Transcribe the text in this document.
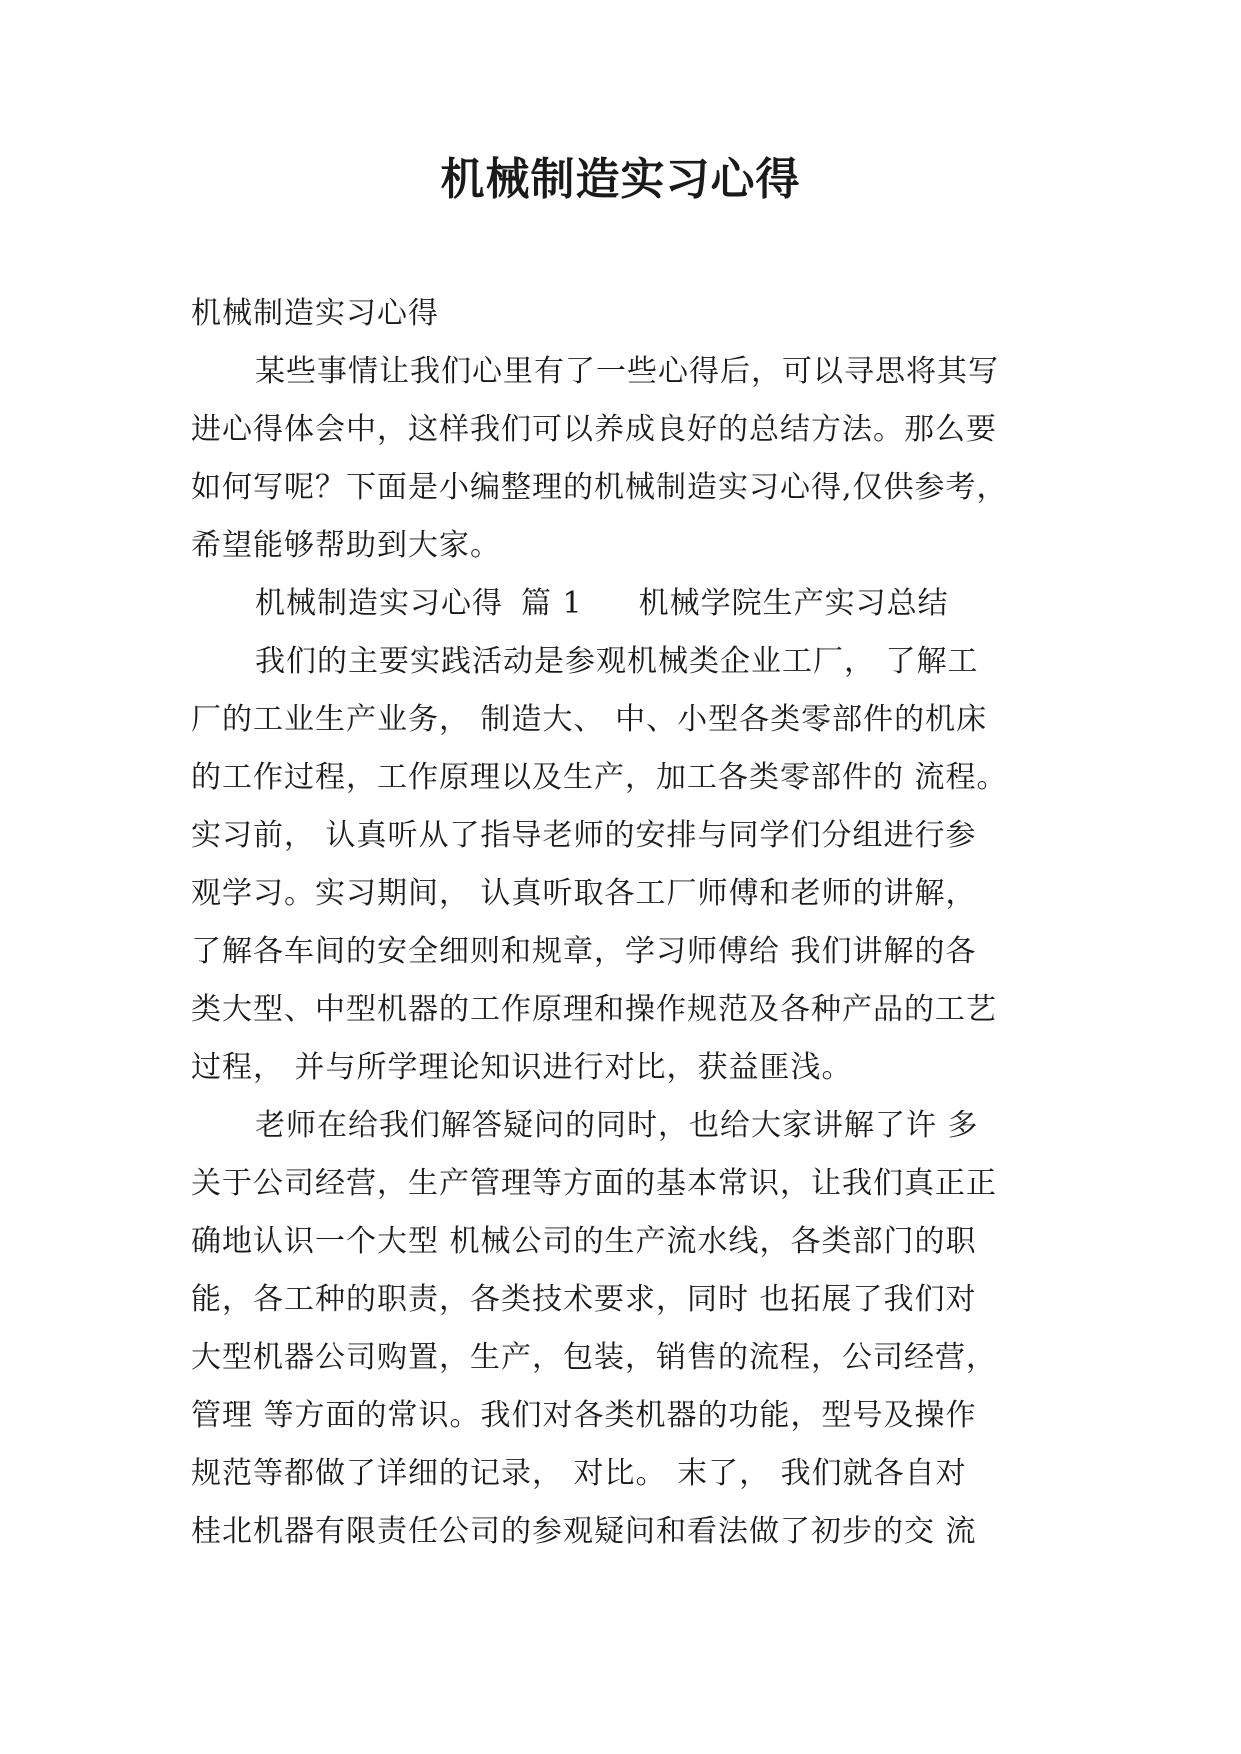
机械制造实习心得
机械制造实习心得
某些事情让我们心里有了一些心得后，可以寻思将其写
进心得体会中，这样我们可以养成良好的总结方法。那么要
如何写呢？下面是小编整理的机械制造实习心得,仅供参考，
希望能够帮助到大家。
机械制造实习心得 篇 1 机械学院生产实习总结
我们的主要实践活动是参观机械类企业工厂， 了解工
厂的工业生产业务， 制造大、 中、小型各类零部件的机床
的工作过程，工作原理以及生产，加工各类零部件的 流程。
实习前， 认真听从了指导老师的安排与同学们分组进行参
观学习。实习期间， 认真听取各工厂师傅和老师的讲解，
了解各车间的安全细则和规章，学习师傅给 我们讲解的各
类大型、中型机器的工作原理和操作规范及各种产品的工艺
过程， 并与所学理论知识进行对比，获益匪浅。
老师在给我们解答疑问的同时，也给大家讲解了许 多
关于公司经营，生产管理等方面的基本常识，让我们真正正
确地认识一个大型 机械公司的生产流水线，各类部门的职
能，各工种的职责，各类技术要求，同时 也拓展了我们对
大型机器公司购置，生产，包装，销售的流程，公司经营，
管理 等方面的常识。我们对各类机器的功能，型号及操作
规范等都做了详细的记录， 对比。 末了， 我们就各自对
桂北机器有限责任公司的参观疑问和看法做了初步的交 流
